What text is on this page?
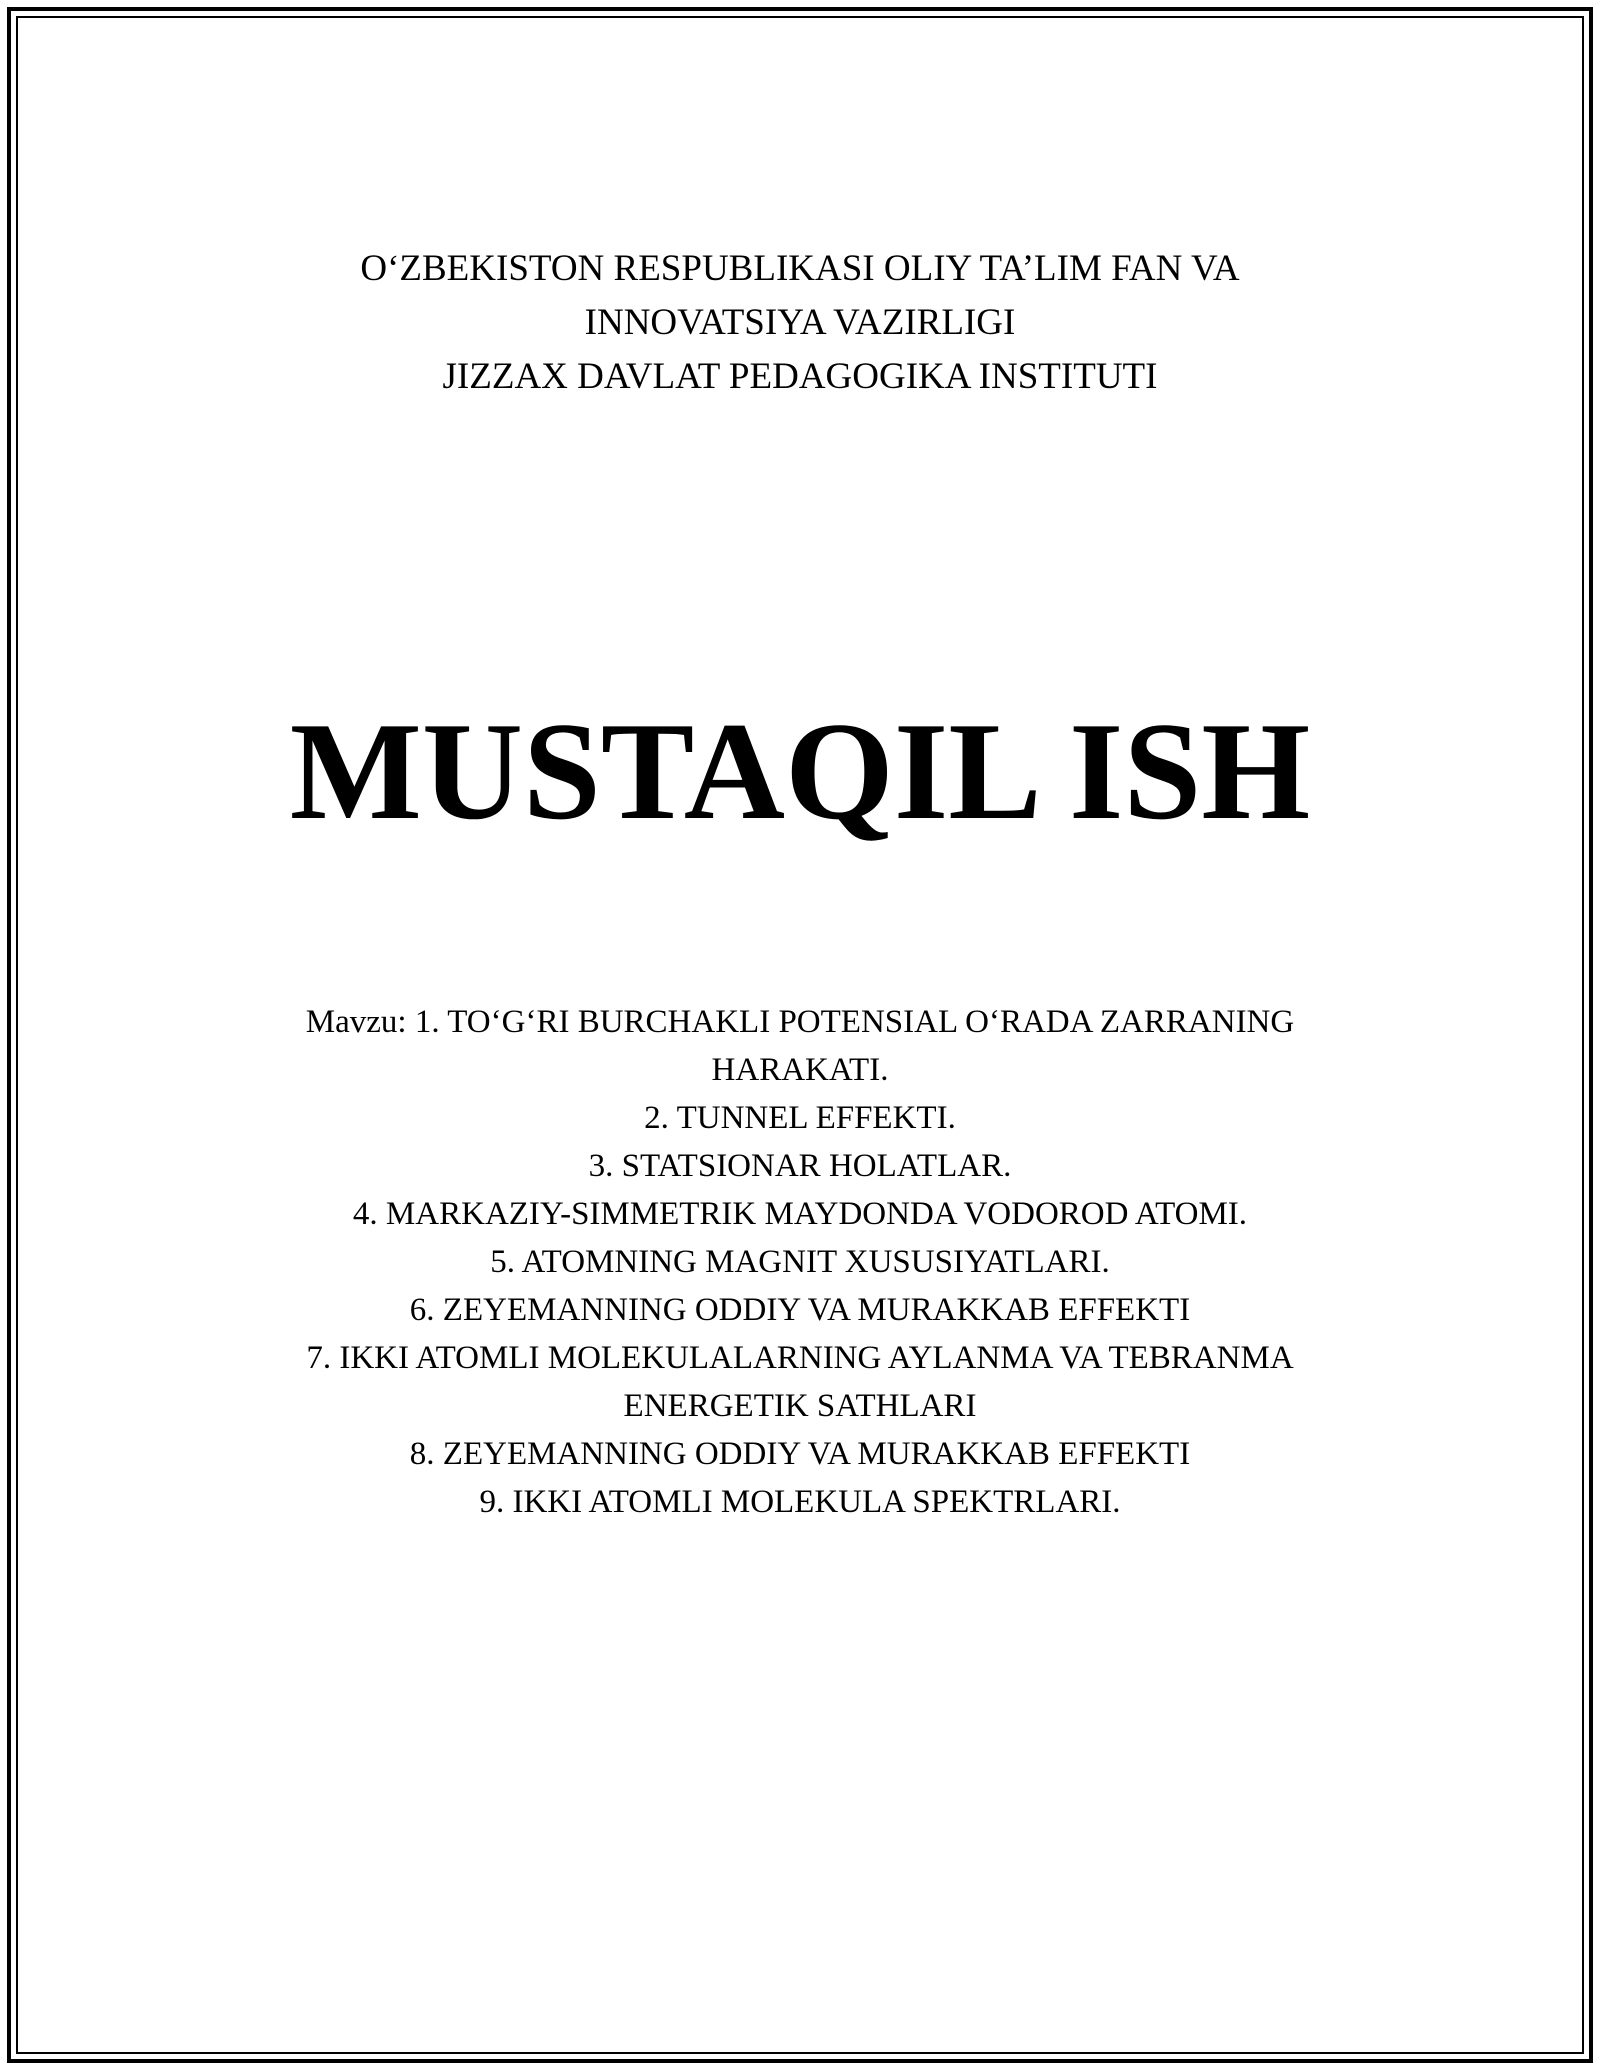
O‘ZBEKISTON RESPUBLIKASI OLIY TA’LIM FAN VA
INNOVATSIYA VAZIRLIGI
JIZZAX DAVLAT PEDAGOGIKA INSTITUTI
MUSTAQIL ISH
Mavzu: 1. TO‘G‘RI BURCHAKLI POTENSIAL O‘RADA ZARRANING
HARAKATI.
2. TUNNEL EFFEKTI.
3. STATSIONAR HOLATLAR.
4. MARKAZIY-SIMMETRIK MAYDONDA VODOROD ATOMI.
5. ATOMNING MAGNIT XUSUSIYATLARI.
6. ZEYEMANNING ODDIY VA MURAKKAB EFFEKTI
7. IKKI ATOMLI MOLEKULALARNING AYLANMA VA TEBRANMA
ENERGETIK SATHLARI
8. ZEYEMANNING ODDIY VA MURAKKAB EFFEKTI
9. IKKI ATOMLI MOLEKULA SPEKTRLARI.
